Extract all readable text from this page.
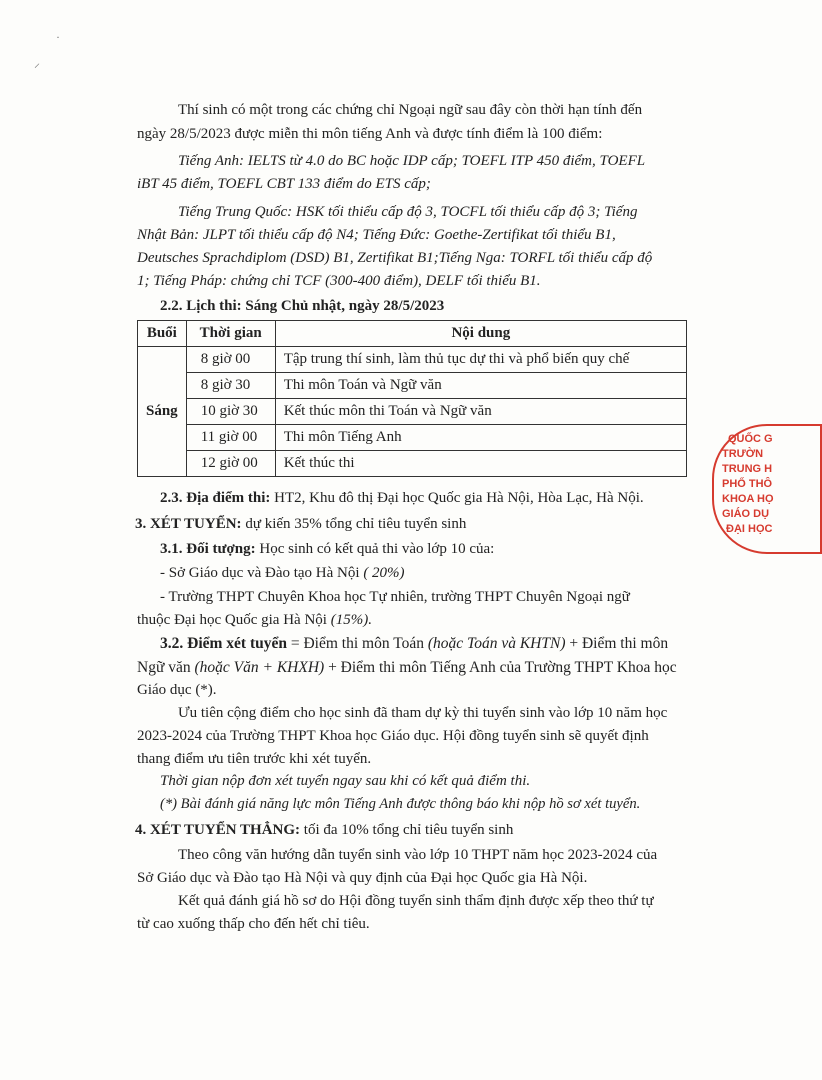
·
⸝
Thí sinh có một trong các chứng chỉ Ngoại ngữ sau đây còn thời hạn tính đến
ngày 28/5/2023 được miễn thi môn tiếng Anh và được tính điểm là 100 điểm:
Tiếng Anh: IELTS từ 4.0 do BC hoặc IDP cấp; TOEFL ITP 450 điểm, TOEFL
iBT 45 điểm, TOEFL CBT 133 điểm do ETS cấp;
Tiếng Trung Quốc: HSK tối thiểu cấp độ 3, TOCFL tối thiểu cấp độ 3; Tiếng
Nhật Bản: JLPT tối thiểu cấp độ N4; Tiếng Đức: Goethe-Zertifikat tối thiểu B1,
Deutsches Sprachdiplom (DSD) B1, Zertifikat B1;Tiếng Nga: TORFL tối thiểu cấp độ
1; Tiếng Pháp: chứng chỉ TCF (300-400 điểm), DELF tối thiểu B1.
2.2. Lịch thi: Sáng Chủ nhật, ngày 28/5/2023
Buổi	Thời gian	Nội dung
Sáng	8 giờ 00	Tập trung thí sinh, làm thủ tục dự thi và phổ biến quy chế
	8 giờ 30	Thi môn Toán và Ngữ văn
	10 giờ 30	Kết thúc môn thi Toán và Ngữ văn
	11 giờ 00	Thi môn Tiếng Anh
	12 giờ 00	Kết thúc thi
2.3. Địa điểm thi: HT2, Khu đô thị Đại học Quốc gia Hà Nội, Hòa Lạc, Hà Nội.
3. XÉT TUYỂN: dự kiến 35% tổng chỉ tiêu tuyển sinh
3.1. Đối tượng: Học sinh có kết quả thi vào lớp 10 của:
- Sở Giáo dục và Đào tạo Hà Nội ( 20%)
- Trường THPT Chuyên Khoa học Tự nhiên, trường THPT Chuyên Ngoại ngữ
thuộc Đại học Quốc gia Hà Nội (15%).
3.2. Điểm xét tuyển = Điểm thi môn Toán (hoặc Toán và KHTN) + Điểm thi môn
Ngữ văn (hoặc Văn + KHXH) + Điểm thi môn Tiếng Anh của Trường THPT Khoa học
Giáo dục (*).
Ưu tiên cộng điểm cho học sinh đã tham dự kỳ thi tuyển sinh vào lớp 10 năm học
2023-2024 của Trường THPT Khoa học Giáo dục. Hội đồng tuyển sinh sẽ quyết định
thang điểm ưu tiên trước khi xét tuyển.
Thời gian nộp đơn xét tuyển ngay sau khi có kết quả điểm thi.
(*) Bài đánh giá năng lực môn Tiếng Anh được thông báo khi nộp hồ sơ xét tuyển.
4. XÉT TUYỂN THẲNG: tối đa 10% tổng chỉ tiêu tuyển sinh
Theo công văn hướng dẫn tuyển sinh vào lớp 10 THPT năm học 2023-2024 của
Sở Giáo dục và Đào tạo Hà Nội và quy định của Đại học Quốc gia Hà Nội.
Kết quả đánh giá hồ sơ do Hội đồng tuyển sinh thẩm định được xếp theo thứ tự
từ cao xuống thấp cho đến hết chỉ tiêu.
QUỐC G
TRƯỜN
TRUNG H
PHỔ THÔ
KHOA HỌ
GIÁO DỤ
ĐẠI HỌC
